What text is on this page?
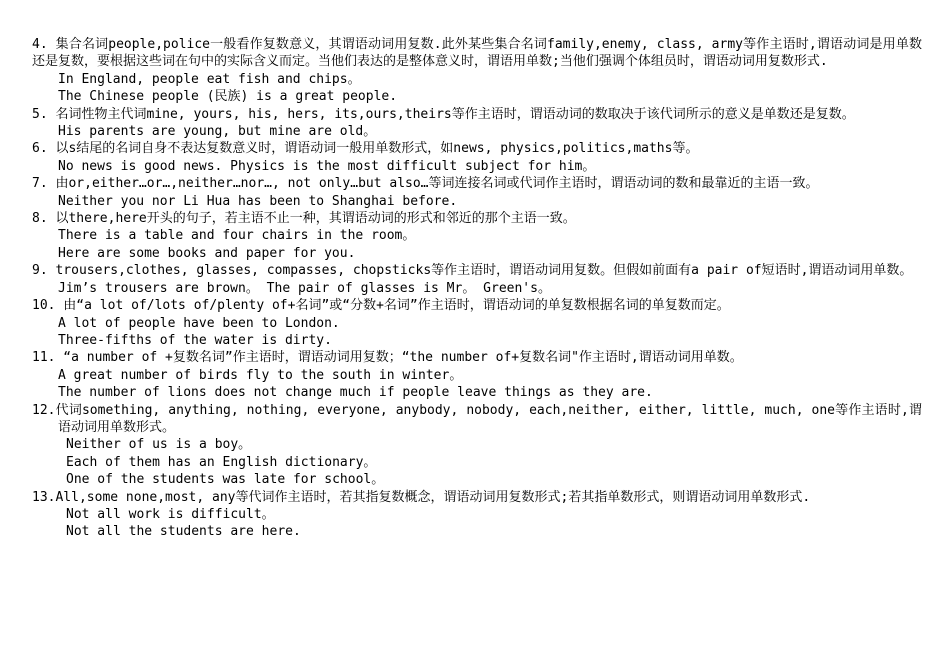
4. 集合名词people,police一般看作复数意义，其谓语动词用复数.此外某些集合名词family,enemy, class, army等作主语时,谓语动词是用单数还是复数，要根据这些词在句中的实际含义而定。当他们表达的是整体意义时，谓语用单数;当他们强调个体组员时，谓语动词用复数形式.

In England, people eat fish and chips。

The Chinese people (民族) is a great people.

5. 名词性物主代词mine, yours, his, hers, its,ours,theirs等作主语时，谓语动词的数取决于该代词所示的意义是单数还是复数。

His parents are young, but mine are old。

6. 以s结尾的名词自身不表达复数意义时，谓语动词一般用单数形式，如news, physics,politics,maths等。

No news is good news. Physics is the most difficult subject for him。

7. 由or,either…or…,neither…nor…, not only…but also…等词连接名词或代词作主语时，谓语动词的数和最靠近的主语一致。

Neither you nor Li Hua has been to Shanghai before.

8. 以there,here开头的句子，若主语不止一种，其谓语动词的形式和邻近的那个主语一致。

There is a table and four chairs in the room。

Here are some books and paper for you.

9. trousers,clothes, glasses, compasses, chopsticks等作主语时，谓语动词用复数。但假如前面有a pair of短语时,谓语动词用单数。

Jim’s trousers are brown。 The pair of glasses is Mr。 Green's。

10. 由“a lot of/lots of/plenty of+名词”或“分数+名词”作主语时，谓语动词的单复数根据名词的单复数而定。

A lot of people have been to London.

Three-fifths of the water is dirty.

11. “a number of +复数名词”作主语时，谓语动词用复数；“the number of+复数名词"作主语时,谓语动词用单数。

A great number of birds fly to the south in winter。

The number of lions does not change much if people leave things as they are.

12.代词something, anything, nothing, everyone, anybody, nobody, each,neither, either, little, much, one等作主语时,谓语动词用单数形式。

Neither of us is a boy。

Each of them has an English dictionary。

One of the students was late for school。

13.All,some none,most, any等代词作主语时，若其指复数概念，谓语动词用复数形式;若其指单数形式，则谓语动词用单数形式.

Not all work is difficult。

Not all the students are here.
